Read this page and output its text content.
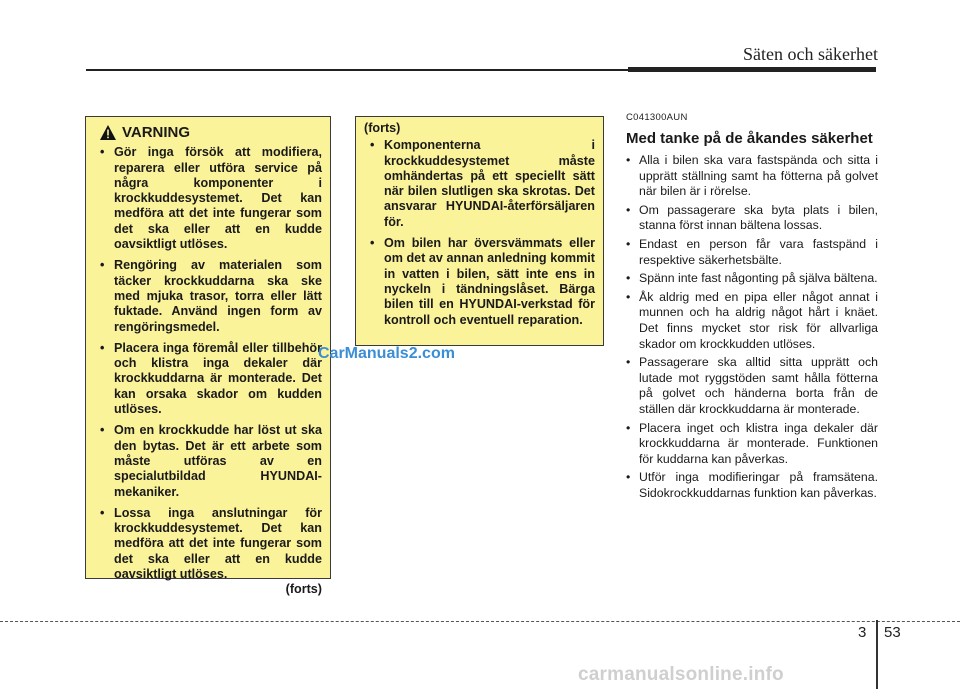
Säten och säkerhet
VARNING
• Gör inga försök att modifiera, reparera eller utföra service på några komponenter i krockkuddesystemet. Det kan medföra att det inte fungerar som det ska eller att en kudde oavsiktligt utlöses.
• Rengöring av materialen som täcker krockkuddarna ska ske med mjuka trasor, torra eller lätt fuktade. Använd ingen form av rengöringsmedel.
• Placera inga föremål eller tillbehör och klistra inga dekaler där krockkuddarna är monterade. Det kan orsaka skador om kudden utlöses.
• Om en krockkudde har löst ut ska den bytas. Det är ett arbete som måste utföras av en specialutbildad HYUNDAI-mekaniker.
• Lossa inga anslutningar för krockkuddesystemet. Det kan medföra att det inte fungerar som det ska eller att en kudde oavsiktligt utlöses.
(forts)
(forts)
• Komponenterna i krockkuddesystemet måste omhändertas på ett speciellt sätt när bilen slutligen ska skrotas. Det ansvarar HYUNDAI-återförsäljaren för.
• Om bilen har översvämmats eller om det av annan anledning kommit in vatten i bilen, sätt inte ens in nyckeln i tändningslåset. Bärga bilen till en HYUNDAI-verkstad för kontroll och eventuell reparation.
C041300AUN
Med tanke på de åkandes säkerhet
• Alla i bilen ska vara fastspända och sitta i upprätt ställning samt ha fötterna på golvet när bilen är i rörelse.
• Om passagerare ska byta plats i bilen, stanna först innan bältena lossas.
• Endast en person får vara fastspänd i respektive säkerhetsbälte.
• Spänn inte fast någonting på själva bältena.
• Åk aldrig med en pipa eller något annat i munnen och ha aldrig något hårt i knäet. Det finns mycket stor risk för allvarliga skador om krockkudden utlöses.
• Passagerare ska alltid sitta upprätt och lutade mot ryggstöden samt hålla fötterna på golvet och händerna borta från de ställen där krockkuddarna är monterade.
• Placera inget och klistra inga dekaler där krockkuddarna är monterade. Funktionen för kuddarna kan påverkas.
• Utför inga modifieringar på framsätena. Sidokrockkuddarnas funktion kan påverkas.
3 53
CarManuals2.com
carmanualsonline.info
